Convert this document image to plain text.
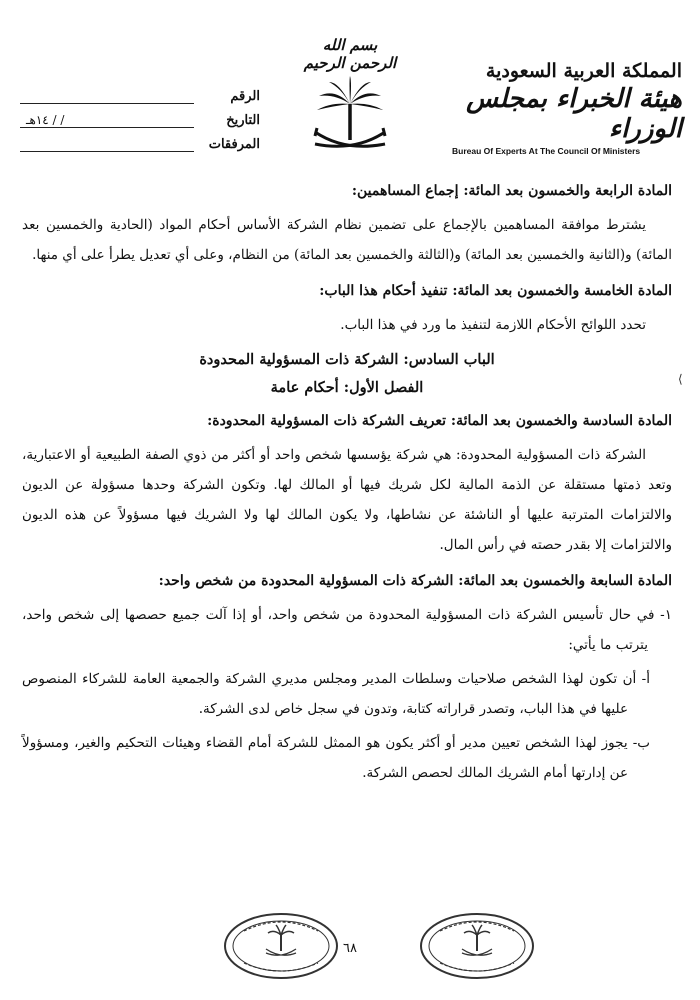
المملكة العربية السعودية
هيئة الخبراء بمجلس الوزراء
Bureau Of Experts At The Council Of Ministers
بسم الله الرحمن الرحيم
الرقم
التاريخ
/ / ١٤هـ
المرفقات

المادة الرابعة والخمسون بعد المائة: إجماع المساهمين:

يشترط موافقة المساهمين بالإجماع على تضمين نظام الشركة الأساس أحكام المواد (الحادية والخمسين بعد المائة) و(الثانية والخمسين بعد المائة) و(الثالثة والخمسين بعد المائة) من النظام، وعلى أي تعديل يطرأ على أي منها.

المادة الخامسة والخمسون بعد المائة: تنفيذ أحكام هذا الباب:

تحدد اللوائح الأحكام اللازمة لتنفيذ ما ورد في هذا الباب.

الباب السادس: الشركة ذات المسؤولية المحدودة

الفصل الأول: أحكام عامة

المادة السادسة والخمسون بعد المائة: تعريف الشركة ذات المسؤولية المحدودة:

الشركة ذات المسؤولية المحدودة: هي شركة يؤسسها شخص واحد أو أكثر من ذوي الصفة الطبيعية أو الاعتبارية، وتعد ذمتها مستقلة عن الذمة المالية لكل شريك فيها أو المالك لها. وتكون الشركة وحدها مسؤولة عن الديون والالتزامات المترتبة عليها أو الناشئة عن نشاطها، ولا يكون المالك لها ولا الشريك فيها مسؤولاً عن هذه الديون والالتزامات إلا بقدر حصته في رأس المال.

المادة السابعة والخمسون بعد المائة: الشركة ذات المسؤولية المحدودة من شخص واحد:

١- في حال تأسيس الشركة ذات المسؤولية المحدودة من شخص واحد، أو إذا آلت جميع حصصها إلى شخص واحد، يترتب ما يأتي:

أ- أن تكون لهذا الشخص صلاحيات وسلطات المدير ومجلس مديري الشركة والجمعية العامة للشركاء المنصوص عليها في هذا الباب، وتصدر قراراته كتابة، وتدون في سجل خاص لدى الشركة.

ب- يجوز لهذا الشخص تعيين مدير أو أكثر يكون هو الممثل للشركة أمام القضاء وهيئات التحكيم والغير، ومسؤولاً عن إدارتها أمام الشريك المالك لحصص الشركة.

⟨
٦٨
